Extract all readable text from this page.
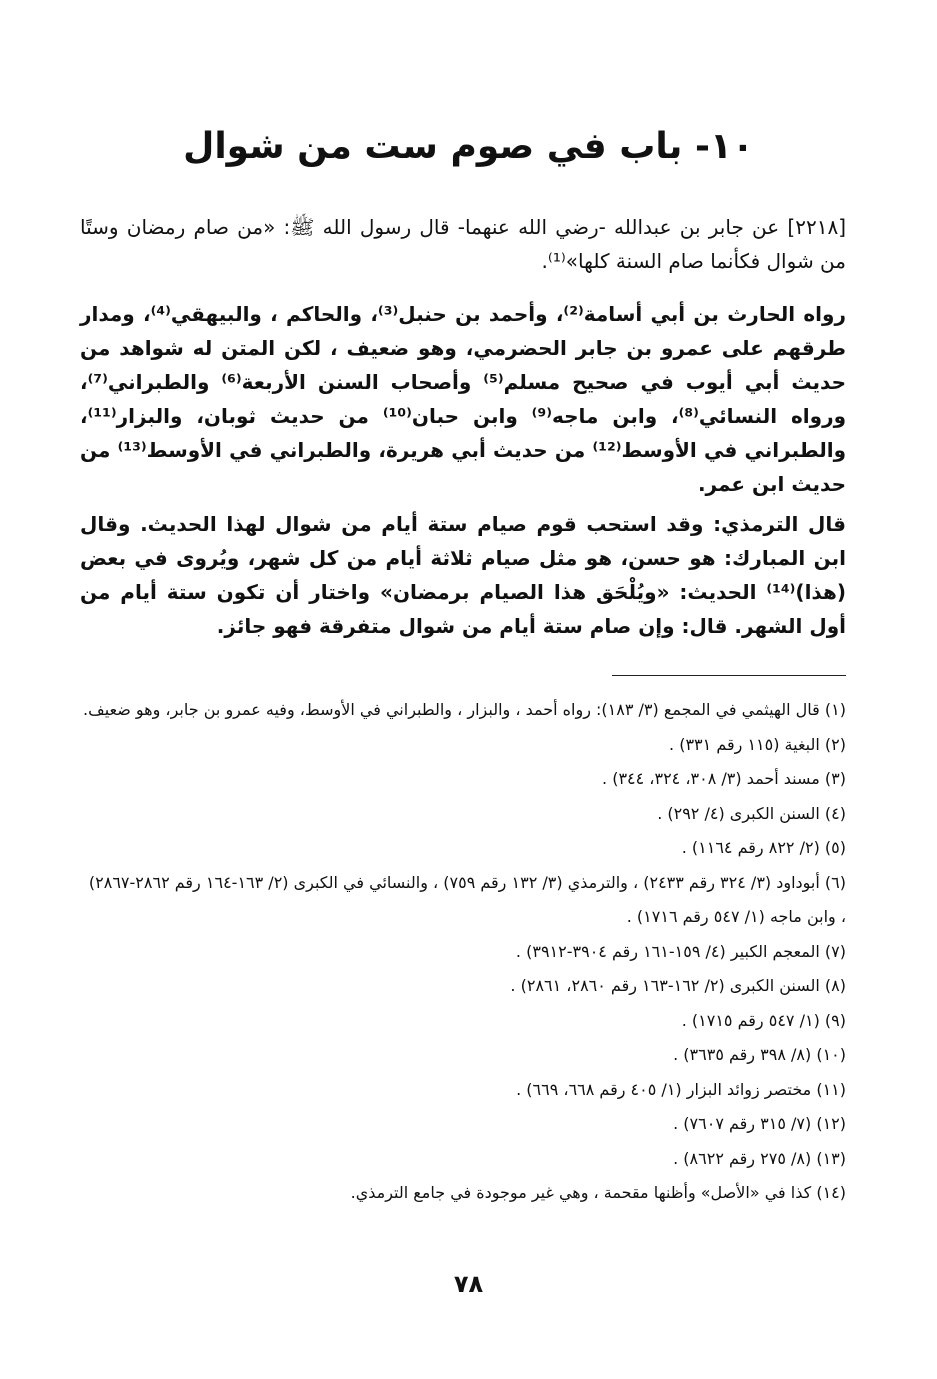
١٠- باب في صوم ست من شوال
[٢٢١٨] عن جابر بن عبدالله -رضي الله عنهما- قال رسول الله ﷺ: «من صام رمضان وستًا من شوال فكأنما صام السنة كلها»⁽¹⁾.
رواه الحارث بن أبي أسامة⁽²⁾، وأحمد بن حنبل⁽³⁾، والحاكم ، والبيهقي⁽⁴⁾، ومدار طرقهم على عمرو بن جابر الحضرمي، وهو ضعيف ، لكن المتن له شواهد من حديث أبي أيوب في صحيح مسلم⁽⁵⁾ وأصحاب السنن الأربعة⁽⁶⁾ والطبراني⁽⁷⁾، ورواه النسائي⁽⁸⁾، وابن ماجه⁽⁹⁾ وابن حبان⁽¹⁰⁾ من حديث ثوبان، والبزار⁽¹¹⁾، والطبراني في الأوسط⁽¹²⁾ من حديث أبي هريرة، والطبراني في الأوسط⁽¹³⁾ من حديث ابن عمر.
قال الترمذي: وقد استحب قوم صيام ستة أيام من شوال لهذا الحديث. وقال ابن المبارك: هو حسن، هو مثل صيام ثلاثة أيام من كل شهر، ويُروى في بعض (هذا)⁽¹⁴⁾ الحديث: «ويُلْحَق هذا الصيام برمضان» واختار أن تكون ستة أيام من أول الشهر. قال: وإن صام ستة أيام من شوال متفرقة فهو جائز.
(١) قال الهيثمي في المجمع (٣/ ١٨٣): رواه أحمد ، والبزار ، والطبراني في الأوسط، وفيه عمرو بن جابر، وهو ضعيف.
(٢) البغية (١١٥ رقم ٣٣١) .
(٣) مسند أحمد (٣/ ٣٠٨، ٣٢٤، ٣٤٤) .
(٤) السنن الكبرى (٤/ ٢٩٢) .
(٥) (٢/ ٨٢٢ رقم ١١٦٤) .
(٦) أبوداود (٣/ ٣٢٤ رقم ٢٤٣٣) ، والترمذي (٣/ ١٣٢ رقم ٧٥٩) ، والنسائي في الكبرى (٢/ ١٦٣-١٦٤ رقم ٢٨٦٢-٢٨٦٧) ، وابن ماجه (١/ ٥٤٧ رقم ١٧١٦) .
(٧) المعجم الكبير (٤/ ١٥٩-١٦١ رقم ٣٩٠٤-٣٩١٢) .
(٨) السنن الكبرى (٢/ ١٦٢-١٦٣ رقم ٢٨٦٠، ٢٨٦١) .
(٩) (١/ ٥٤٧ رقم ١٧١٥) .
(١٠) (٨/ ٣٩٨ رقم ٣٦٣٥) .
(١١) مختصر زوائد البزار (١/ ٤٠٥ رقم ٦٦٨، ٦٦٩) .
(١٢) (٧/ ٣١٥ رقم ٧٦٠٧) .
(١٣) (٨/ ٢٧٥ رقم ٨٦٢٢) .
(١٤) كذا في «الأصل» وأظنها مقحمة ، وهي غير موجودة في جامع الترمذي.
٧٨
